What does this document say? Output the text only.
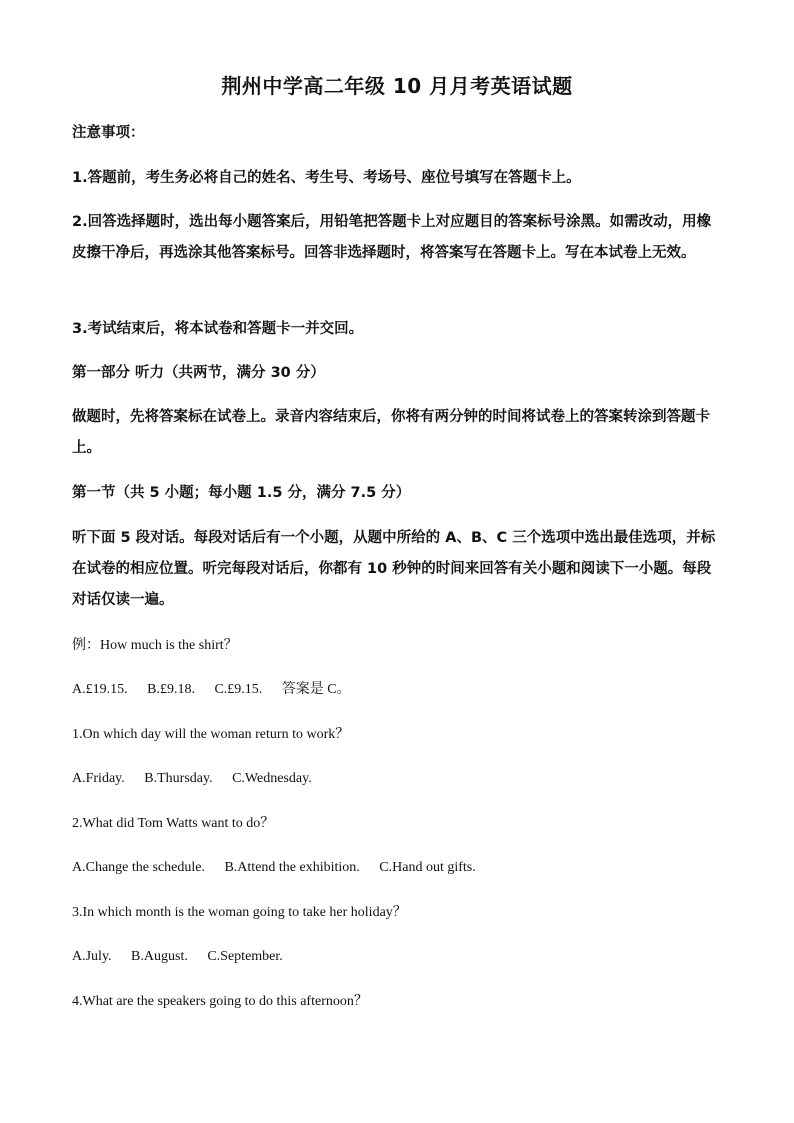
荆州中学高二年级 10 月月考英语试题

注意事项：

1.答题前，考生务必将自己的姓名、考生号、考场号、座位号填写在答题卡上。

2.回答选择题时，选出每小题答案后，用铅笔把答题卡上对应题目的答案标号涂黑。如需改动，用橡皮擦干净后，再选涂其他答案标号。回答非选择题时，将答案写在答题卡上。写在本试卷上无效。

3.考试结束后，将本试卷和答题卡一并交回。

第一部分 听力（共两节，满分 30 分）

做题时，先将答案标在试卷上。录音内容结束后，你将有两分钟的时间将试卷上的答案转涂到答题卡上。

第一节（共 5 小题；每小题 1.5 分，满分 7.5 分）

听下面 5 段对话。每段对话后有一个小题，从题中所给的 A、B、C 三个选项中选出最佳选项，并标在试卷的相应位置。听完每段对话后，你都有 10 秒钟的时间来回答有关小题和阅读下一小题。每段对话仅读一遍。

例：How much is the shirt？

A.£19.15. B.£9.18. C.£9.15. 答案是 C。

1.On which day will the woman return to work？

A.Friday. B.Thursday. C.Wednesday.

2.What did Tom Watts want to do？

A.Change the schedule. B.Attend the exhibition. C.Hand out gifts.

3.In which month is the woman going to take her holiday？

A.July. B.August. C.September.

4.What are the speakers going to do this afternoon？
